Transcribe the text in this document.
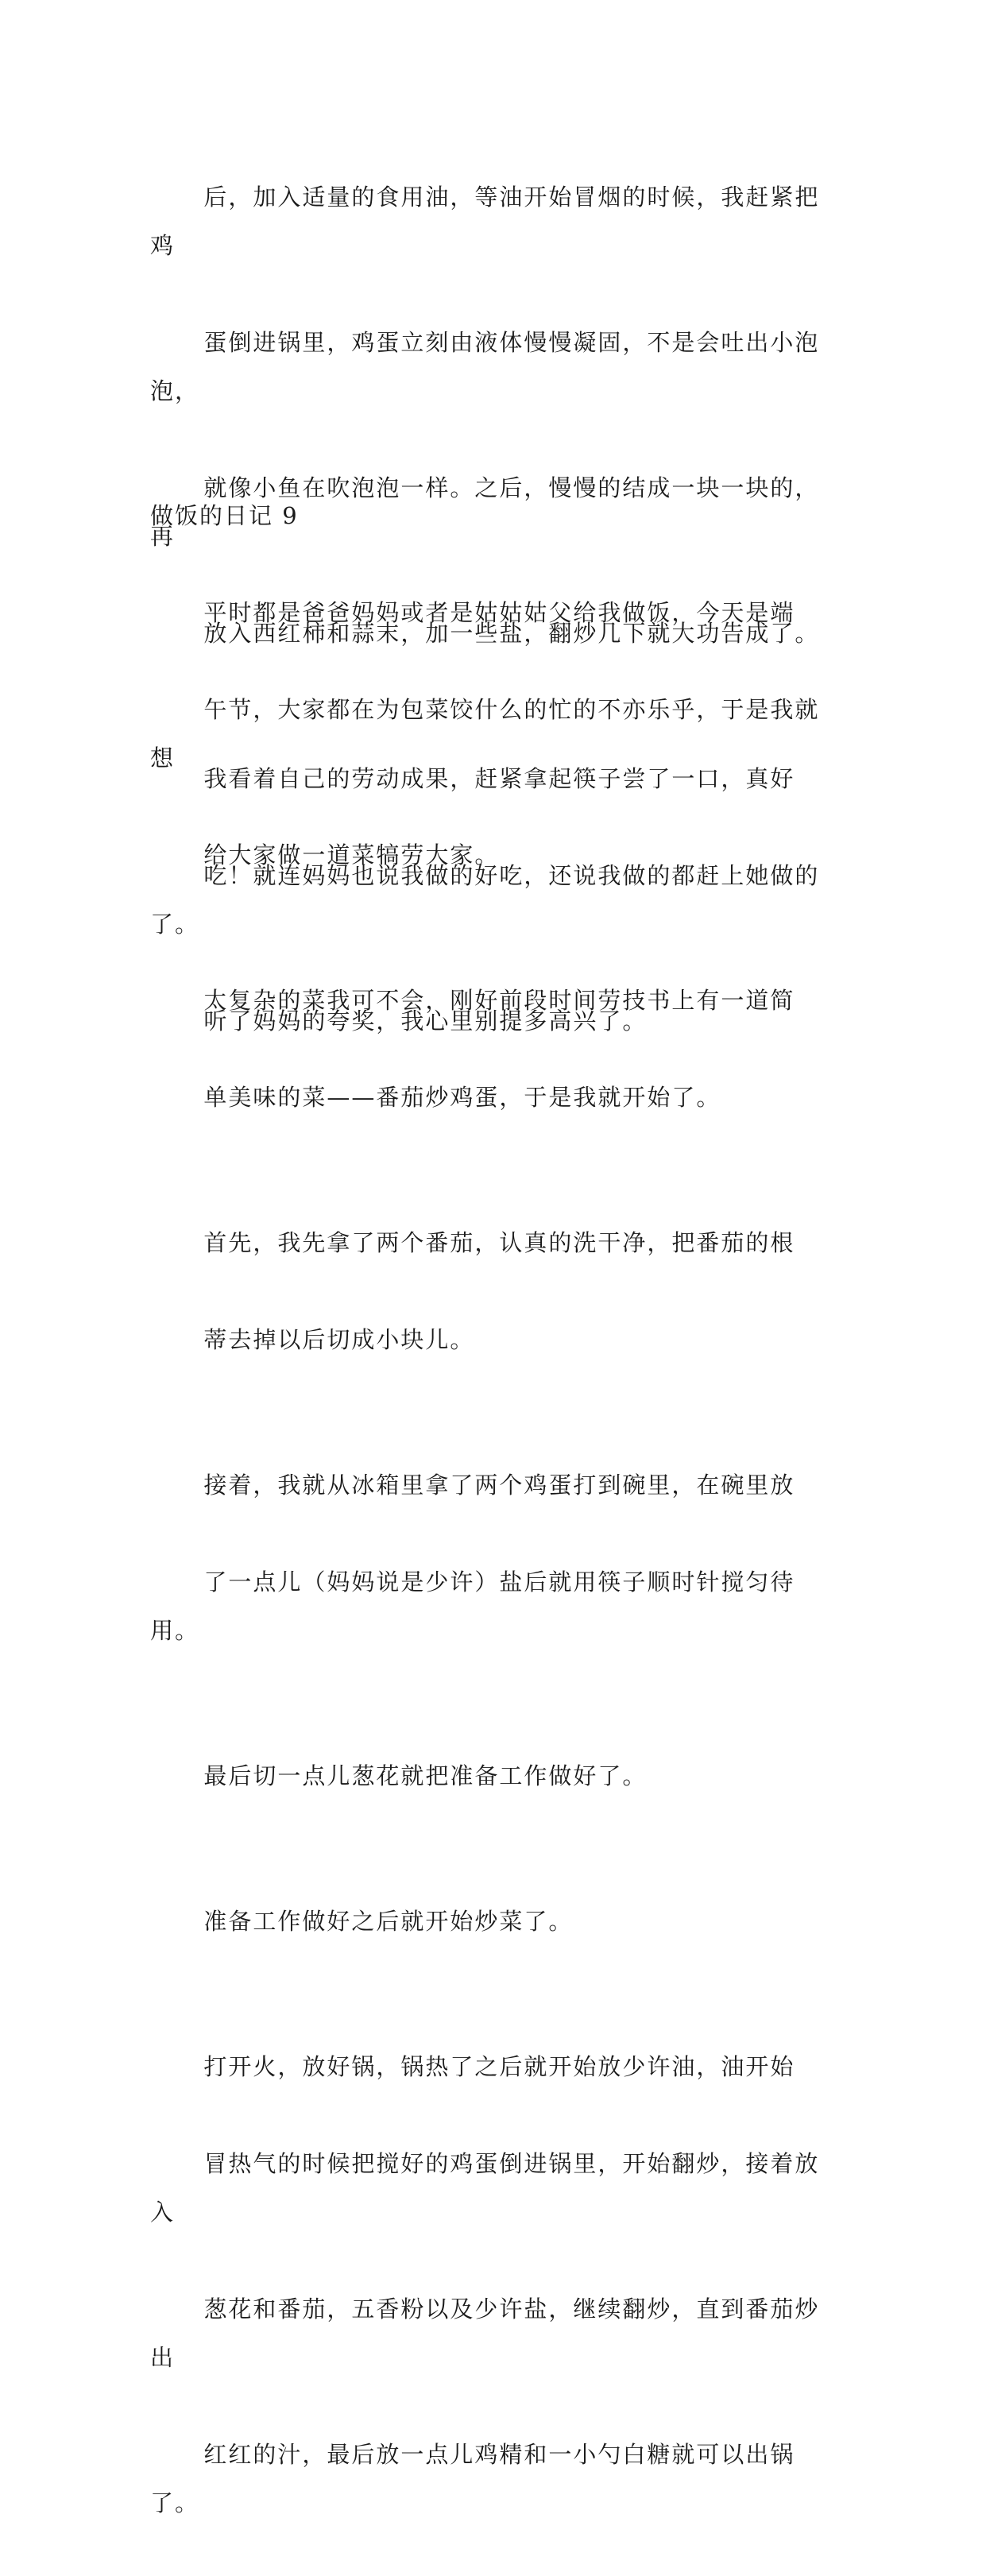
后，加入适量的食用油，等油开始冒烟的时候，我赶紧把鸡

蛋倒进锅里，鸡蛋立刻由液体慢慢凝固，不是会吐出小泡泡，

就像小鱼在吹泡泡一样。之后，慢慢的结成一块一块的，再

放入西红柿和蒜末，加一些盐，翻炒几下就大功告成了。

我看着自己的劳动成果，赶紧拿起筷子尝了一口，真好

吃！就连妈妈也说我做的好吃，还说我做的都赶上她做的了。

听了妈妈的夸奖，我心里别提多高兴了。

做饭的日记 9

平时都是爸爸妈妈或者是姑姑姑父给我做饭，今天是端

午节，大家都在为包菜饺什么的忙的不亦乐乎，于是我就想

给大家做一道菜犒劳大家。

太复杂的菜我可不会，刚好前段时间劳技书上有一道简

单美味的菜——番茄炒鸡蛋，于是我就开始了。

首先，我先拿了两个番茄，认真的洗干净，把番茄的根

蒂去掉以后切成小块儿。

接着，我就从冰箱里拿了两个鸡蛋打到碗里，在碗里放

了一点儿（妈妈说是少许）盐后就用筷子顺时针搅匀待用。

最后切一点儿葱花就把准备工作做好了。

准备工作做好之后就开始炒菜了。

打开火，放好锅，锅热了之后就开始放少许油，油开始

冒热气的时候把搅好的鸡蛋倒进锅里，开始翻炒，接着放入

葱花和番茄，五香粉以及少许盐，继续翻炒，直到番茄炒出

红红的汁，最后放一点儿鸡精和一小勺白糖就可以出锅了。
